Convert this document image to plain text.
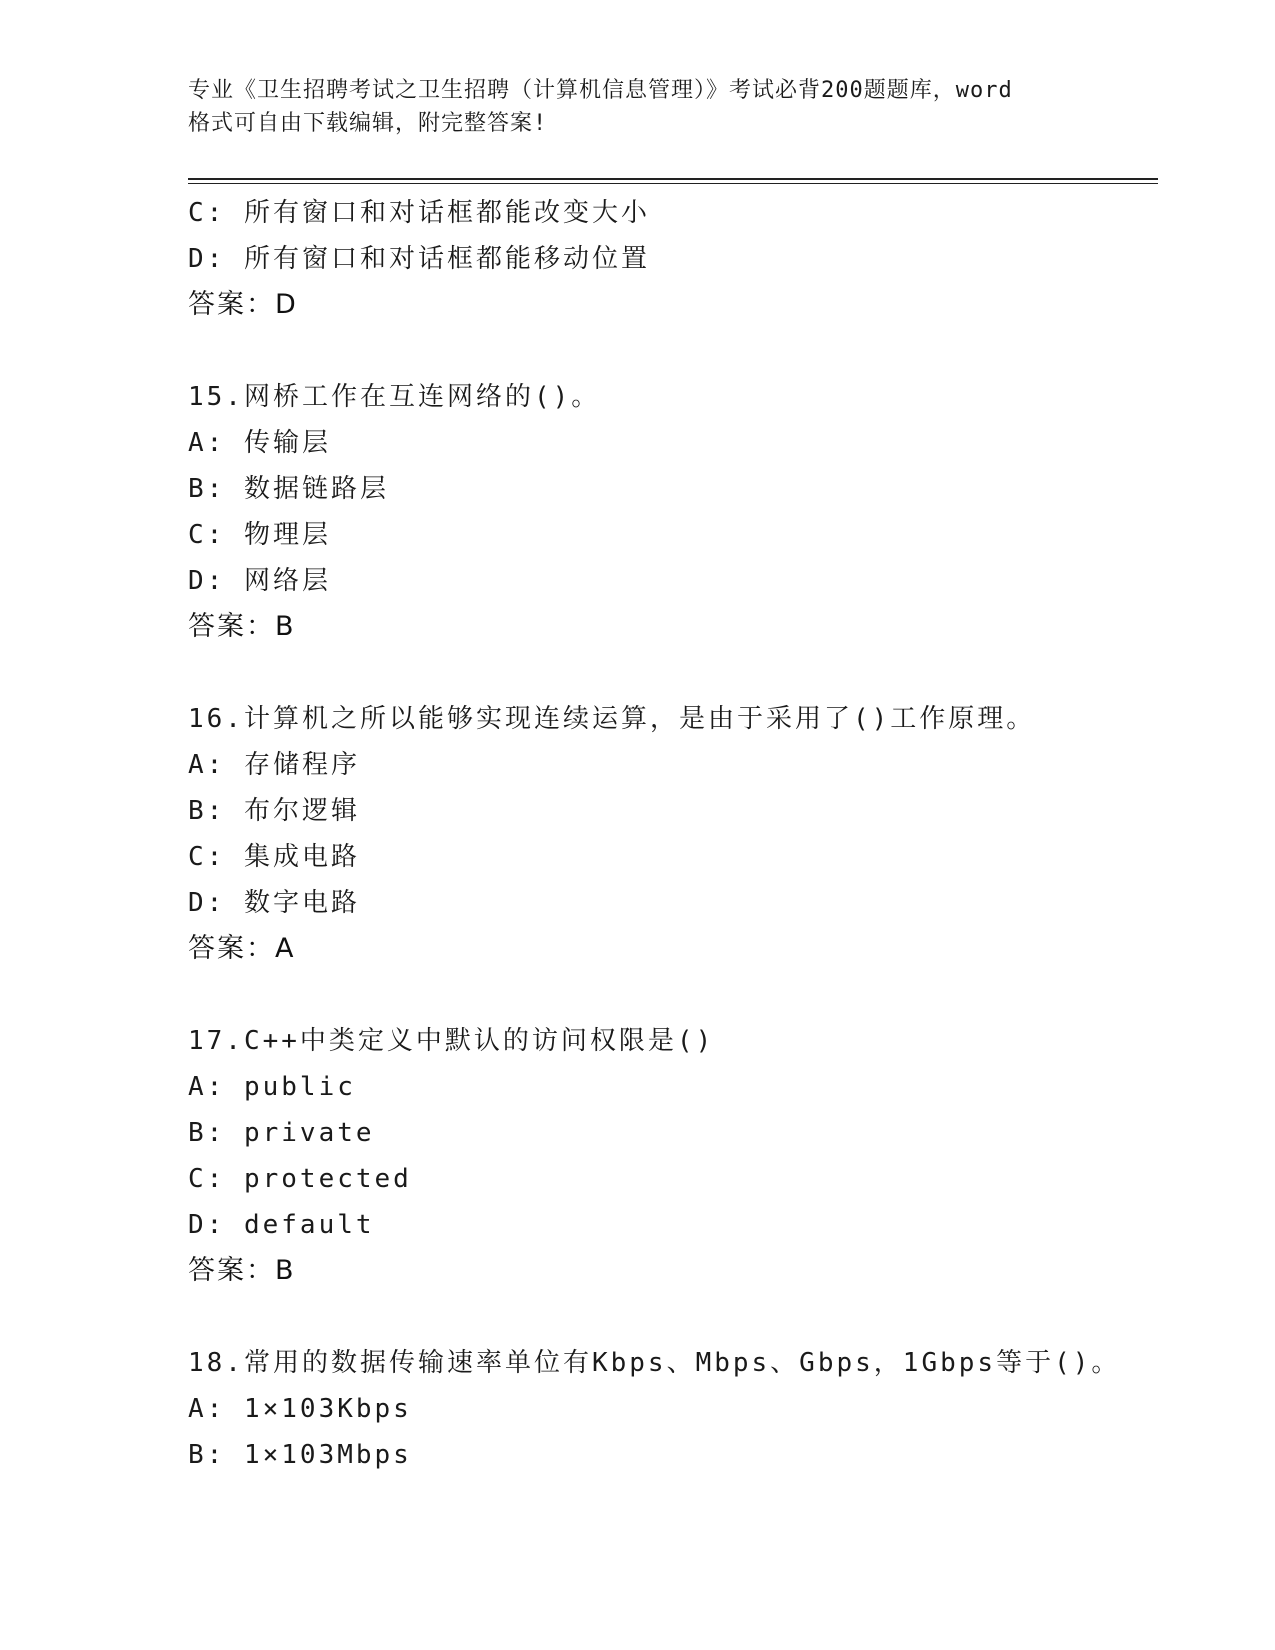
专业《卫生招聘考试之卫生招聘（计算机信息管理）》考试必背200题题库，word
格式可自由下载编辑，附完整答案!
C: 所有窗口和对话框都能改变大小
D: 所有窗口和对话框都能移动位置
答案：D
15.网桥工作在互连网络的()。
A: 传输层
B: 数据链路层
C: 物理层
D: 网络层
答案：B
16.计算机之所以能够实现连续运算，是由于采用了()工作原理。
A: 存储程序
B: 布尔逻辑
C: 集成电路
D: 数字电路
答案：A
17.C++中类定义中默认的访问权限是()
A: public
B: private
C: protected
D: default
答案：B
18.常用的数据传输速率单位有Kbps、Mbps、Gbps，1Gbps等于()。
A: 1×103Kbps
B: 1×103Mbps
